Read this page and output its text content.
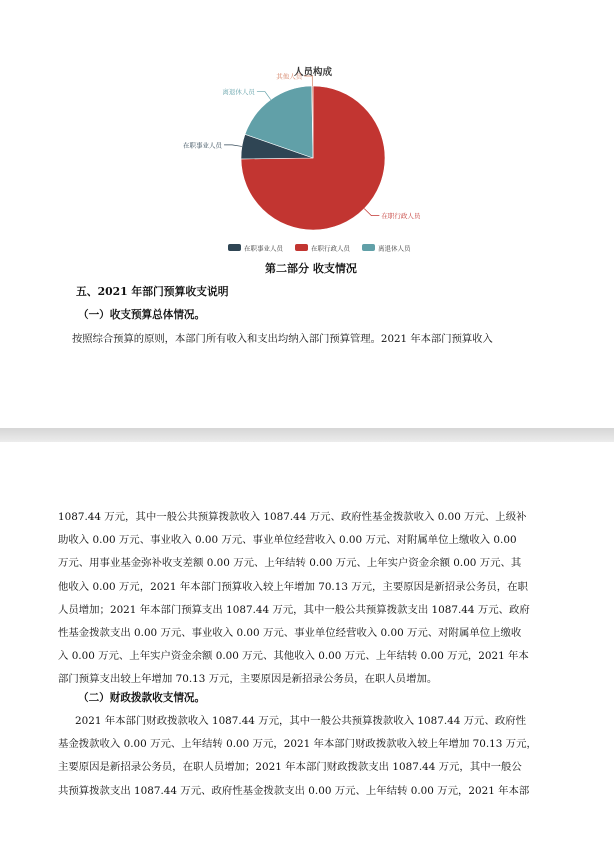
人员构成
在职行政人员
在职事业人员
离退休人员
其他人员
在职事业人员	在职行政人员	离退休人员
第二部分 收支情况
五、2021 年部门预算收支说明
（一）收支预算总体情况。
按照综合预算的原则，本部门所有收入和支出均纳入部门预算管理。2021 年本部门预算收入
1087.44 万元，其中一般公共预算拨款收入 1087.44 万元、政府性基金拨款收入 0.00 万元、上级补
助收入 0.00 万元、事业收入 0.00 万元、事业单位经营收入 0.00 万元、对附属单位上缴收入 0.00
万元、用事业基金弥补收支差额 0.00 万元、上年结转 0.00 万元、上年实户资金余额 0.00 万元、其
他收入 0.00 万元，2021 年本部门预算收入较上年增加 70.13 万元，主要原因是新招录公务员，在职
人员增加；2021 年本部门预算支出 1087.44 万元，其中一般公共预算拨款支出 1087.44 万元、政府
性基金拨款支出 0.00 万元、事业收入 0.00 万元、事业单位经营收入 0.00 万元、对附属单位上缴收
入 0.00 万元、上年实户资金余额 0.00 万元、其他收入 0.00 万元、上年结转 0.00 万元，2021 年本
部门预算支出较上年增加 70.13 万元，主要原因是新招录公务员，在职人员增加。
（二）财政拨款收支情况。
2021 年本部门财政拨款收入 1087.44 万元，其中一般公共预算拨款收入 1087.44 万元、政府性
基金拨款收入 0.00 万元、上年结转 0.00 万元，2021 年本部门财政拨款收入较上年增加 70.13 万元，
主要原因是新招录公务员，在职人员增加；2021 年本部门财政拨款支出 1087.44 万元，其中一般公
共预算拨款支出 1087.44 万元、政府性基金拨款支出 0.00 万元、上年结转 0.00 万元，2021 年本部
